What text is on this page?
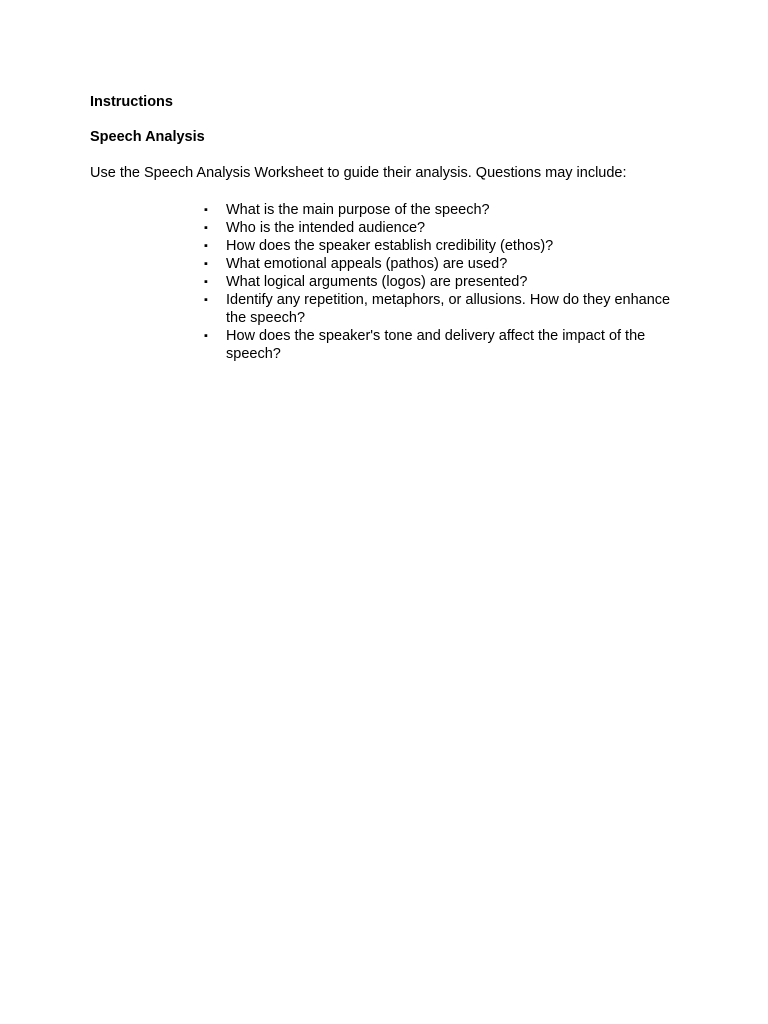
Instructions

Speech Analysis

Use the Speech Analysis Worksheet to guide their analysis. Questions may include:

▪	What is the main purpose of the speech?
▪	Who is the intended audience?
▪	How does the speaker establish credibility (ethos)?
▪	What emotional appeals (pathos) are used?
▪	What logical arguments (logos) are presented?
▪	Identify any repetition, metaphors, or allusions. How do they enhance the speech?
▪	How does the speaker's tone and delivery affect the impact of the speech?
